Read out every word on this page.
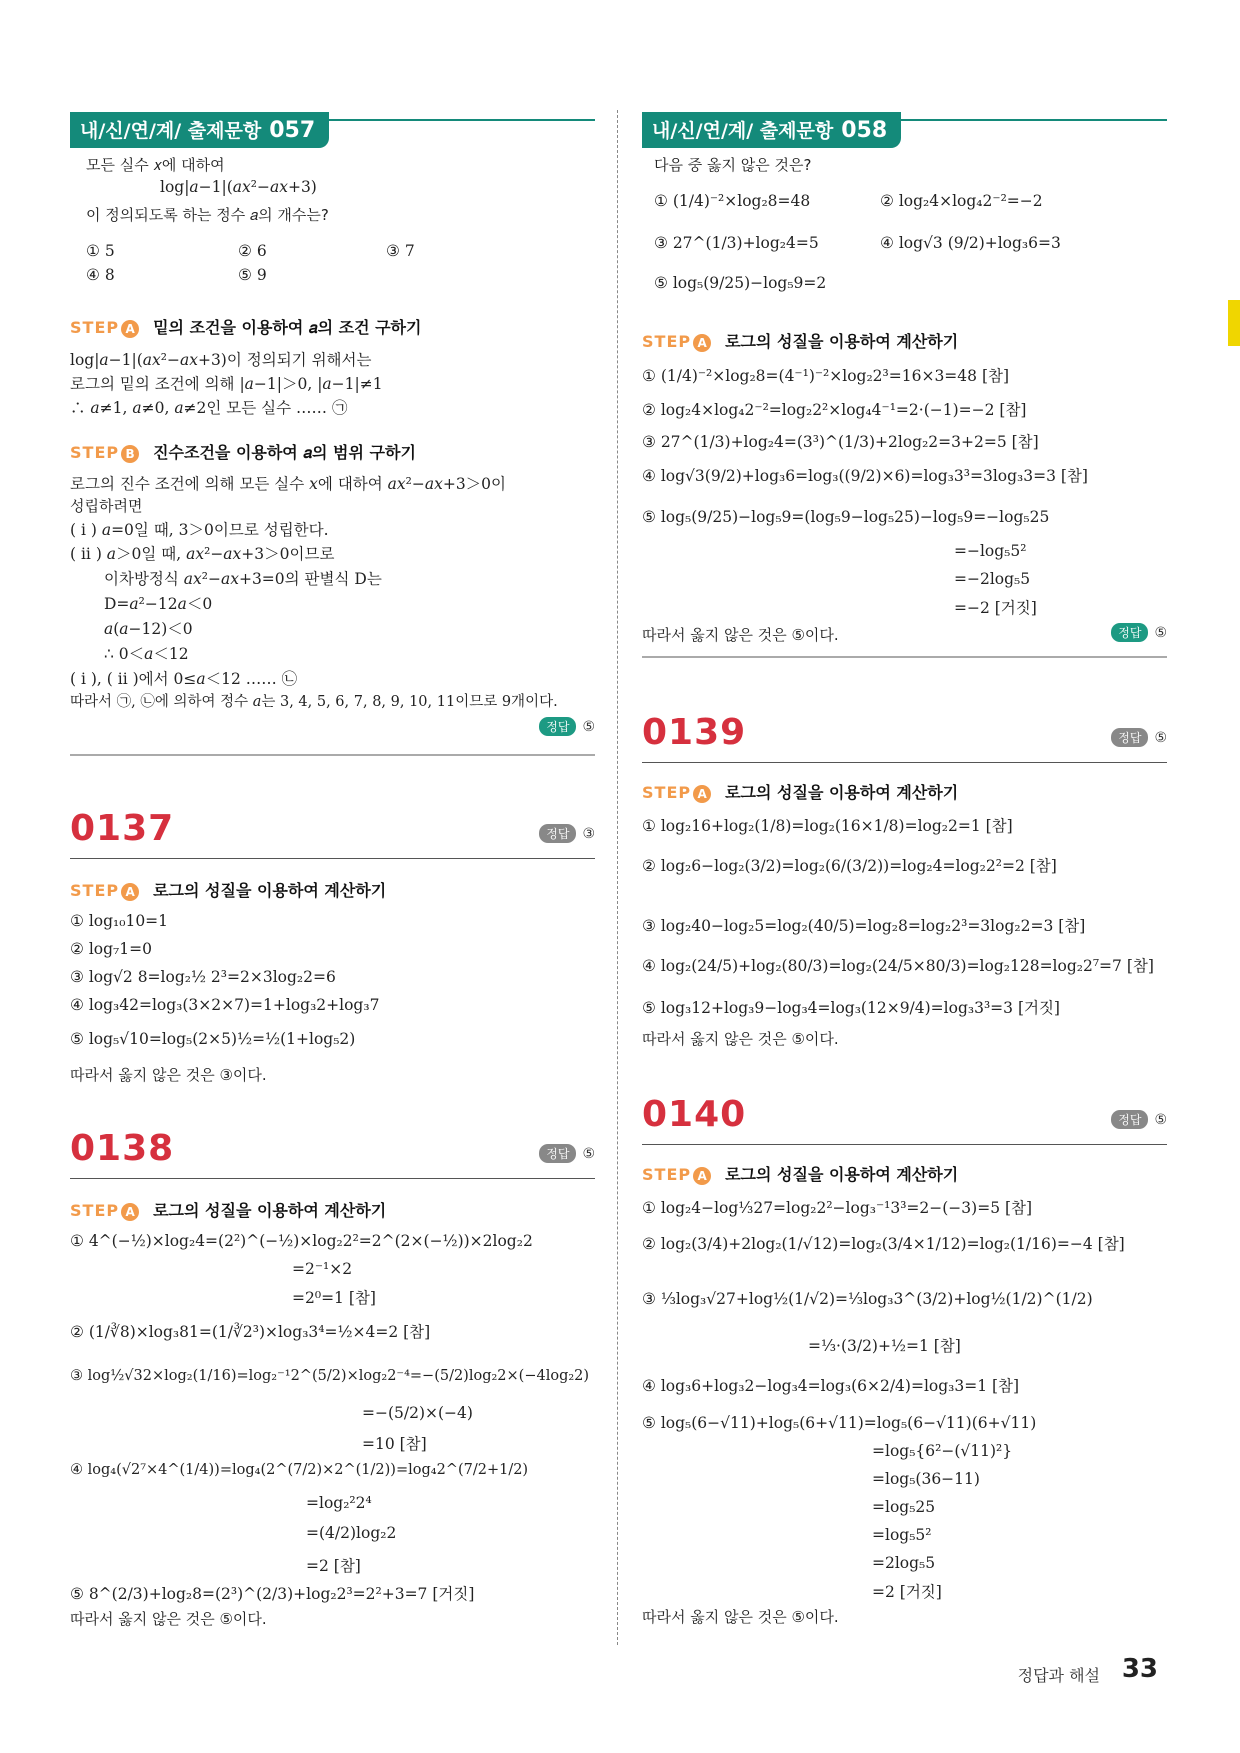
내/신/연/계/ 출제문항 057
모든 실수 𝑥에 대하여
log|𝑎−1|(𝑎𝑥²−𝑎𝑥+3)
이 정의되도록 하는 정수 𝑎의 개수는?
① 5	② 6	③ 7
④ 8	⑤ 9
STEP A 밑의 조건을 이용하여 𝑎의 조건 구하기
log|𝑎−1|(𝑎𝑥²−𝑎𝑥+3)이 정의되기 위해서는
로그의 밑의 조건에 의해 |𝑎−1|＞0, |𝑎−1|≠1
∴ 𝑎≠1, 𝑎≠0, 𝑎≠2인 모든 실수 …… ㉠
STEP B 진수조건을 이용하여 𝑎의 범위 구하기
로그의 진수 조건에 의해 모든 실수 𝑥에 대하여 𝑎𝑥²−𝑎𝑥+3＞0이
성립하려면
( i ) 𝑎=0일 때, 3＞0이므로 성립한다.
( ii ) 𝑎＞0일 때, 𝑎𝑥²−𝑎𝑥+3＞0이므로
이차방정식 𝑎𝑥²−𝑎𝑥+3=0의 판별식 D는
D=𝑎²−12𝑎＜0
𝑎(𝑎−12)＜0
∴ 0＜𝑎＜12
( i ), ( ii )에서 0≤𝑎＜12 …… ㉡
따라서 ㉠, ㉡에 의하여 정수 𝑎는 3, 4, 5, 6, 7, 8, 9, 10, 11이므로 9개이다.
정답 ⑤
0137	정답 ③
STEP A 로그의 성질을 이용하여 계산하기
① log₁₀10=1
② log₇1=0
③ log√2 8=log₂½ 2³=2×3log₂2=6
④ log₃42=log₃(3×2×7)=1+log₃2+log₃7
⑤ log₅√10=log₅(2×5)½=½(1+log₅2)
따라서 옳지 않은 것은 ③이다.
0138	정답 ⑤
STEP A 로그의 성질을 이용하여 계산하기
① 4^(−½)×log₂4=(2²)^(−½)×log₂2²=2^(2×(−½))×2log₂2
=2⁻¹×2
=2⁰=1 [참]
② (1/∛8)×log₃81=(1/∛2³)×log₃3⁴=½×4=2 [참]
③ log½√32×log₂(1/16)=log₂⁻¹2^(5/2)×log₂2⁻⁴=−(5/2)log₂2×(−4log₂2)
=−(5/2)×(−4)
=10 [참]
④ log₄(√2⁷×4^(1/4))=log₄(2^(7/2)×2^(1/2))=log₄2^(7/2+1/2)
=log₂²2⁴
=(4/2)log₂2
=2 [참]
⑤ 8^(2/3)+log₂8=(2³)^(2/3)+log₂2³=2²+3=7 [거짓]
따라서 옳지 않은 것은 ⑤이다.
내/신/연/계/ 출제문항 058
다음 중 옳지 않은 것은?
① (1/4)⁻²×log₂8=48	② log₂4×log₄2⁻²=−2
③ 27^(1/3)+log₂4=5	④ log√3 (9/2)+log₃6=3
⑤ log₅(9/25)−log₅9=2
STEP A 로그의 성질을 이용하여 계산하기
① (1/4)⁻²×log₂8=(4⁻¹)⁻²×log₂2³=16×3=48 [참]
② log₂4×log₄2⁻²=log₂2²×log₄4⁻¹=2·(−1)=−2 [참]
③ 27^(1/3)+log₂4=(3³)^(1/3)+2log₂2=3+2=5 [참]
④ log√3(9/2)+log₃6=log₃((9/2)×6)=log₃3³=3log₃3=3 [참]
⑤ log₅(9/25)−log₅9=(log₅9−log₅25)−log₅9=−log₅25
=−log₅5²
=−2log₅5
=−2 [거짓]
따라서 옳지 않은 것은 ⑤이다.	정답 ⑤
0139	정답 ⑤
STEP A 로그의 성질을 이용하여 계산하기
① log₂16+log₂(1/8)=log₂(16×1/8)=log₂2=1 [참]
② log₂6−log₂(3/2)=log₂(6/(3/2))=log₂4=log₂2²=2 [참]
③ log₂40−log₂5=log₂(40/5)=log₂8=log₂2³=3log₂2=3 [참]
④ log₂(24/5)+log₂(80/3)=log₂(24/5×80/3)=log₂128=log₂2⁷=7 [참]
⑤ log₃12+log₃9−log₃4=log₃(12×9/4)=log₃3³=3 [거짓]
따라서 옳지 않은 것은 ⑤이다.
0140	정답 ⑤
STEP A 로그의 성질을 이용하여 계산하기
① log₂4−log⅓27=log₂2²−log₃⁻¹3³=2−(−3)=5 [참]
② log₂(3/4)+2log₂(1/√12)=log₂(3/4×1/12)=log₂(1/16)=−4 [참]
③ ⅓log₃√27+log½(1/√2)=⅓log₃3^(3/2)+log½(1/2)^(1/2)
=⅓·(3/2)+½=1 [참]
④ log₃6+log₃2−log₃4=log₃(6×2/4)=log₃3=1 [참]
⑤ log₅(6−√11)+log₅(6+√11)=log₅(6−√11)(6+√11)
=log₅{6²−(√11)²}
=log₅(36−11)
=log₅25
=log₅5²
=2log₅5
=2 [거짓]
따라서 옳지 않은 것은 ⑤이다.
정답과 해설 33
